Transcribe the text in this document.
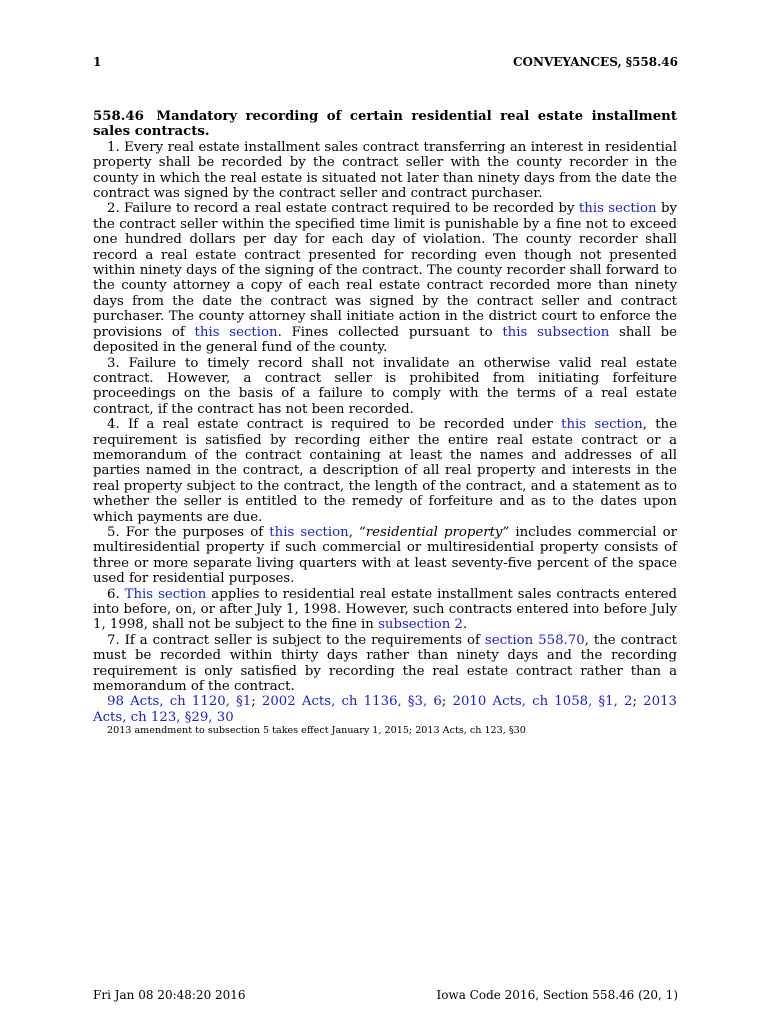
1	CONVEYANCES, §558.46

558.46 Mandatory recording of certain residential real estate installment sales contracts.

1. Every real estate installment sales contract transferring an interest in residential property shall be recorded by the contract seller with the county recorder in the county in which the real estate is situated not later than ninety days from the date the contract was signed by the contract seller and contract purchaser.

2. Failure to record a real estate contract required to be recorded by this section by the contract seller within the specified time limit is punishable by a fine not to exceed one hundred dollars per day for each day of violation. The county recorder shall record a real estate contract presented for recording even though not presented within ninety days of the signing of the contract. The county recorder shall forward to the county attorney a copy of each real estate contract recorded more than ninety days from the date the contract was signed by the contract seller and contract purchaser. The county attorney shall initiate action in the district court to enforce the provisions of this section. Fines collected pursuant to this subsection shall be deposited in the general fund of the county.

3. Failure to timely record shall not invalidate an otherwise valid real estate contract. However, a contract seller is prohibited from initiating forfeiture proceedings on the basis of a failure to comply with the terms of a real estate contract, if the contract has not been recorded.

4. If a real estate contract is required to be recorded under this section, the requirement is satisfied by recording either the entire real estate contract or a memorandum of the contract containing at least the names and addresses of all parties named in the contract, a description of all real property and interests in the real property subject to the contract, the length of the contract, and a statement as to whether the seller is entitled to the remedy of forfeiture and as to the dates upon which payments are due.

5. For the purposes of this section, “residential property” includes commercial or multiresidential property if such commercial or multiresidential property consists of three or more separate living quarters with at least seventy-five percent of the space used for residential purposes.

6. This section applies to residential real estate installment sales contracts entered into before, on, or after July 1, 1998. However, such contracts entered into before July 1, 1998, shall not be subject to the fine in subsection 2.

7. If a contract seller is subject to the requirements of section 558.70, the contract must be recorded within thirty days rather than ninety days and the recording requirement is only satisfied by recording the real estate contract rather than a memorandum of the contract.

98 Acts, ch 1120, §1; 2002 Acts, ch 1136, §3, 6; 2010 Acts, ch 1058, §1, 2; 2013 Acts, ch 123, §29, 30

2013 amendment to subsection 5 takes effect January 1, 2015; 2013 Acts, ch 123, §30

Fri Jan 08 20:48:20 2016	Iowa Code 2016, Section 558.46 (20, 1)
